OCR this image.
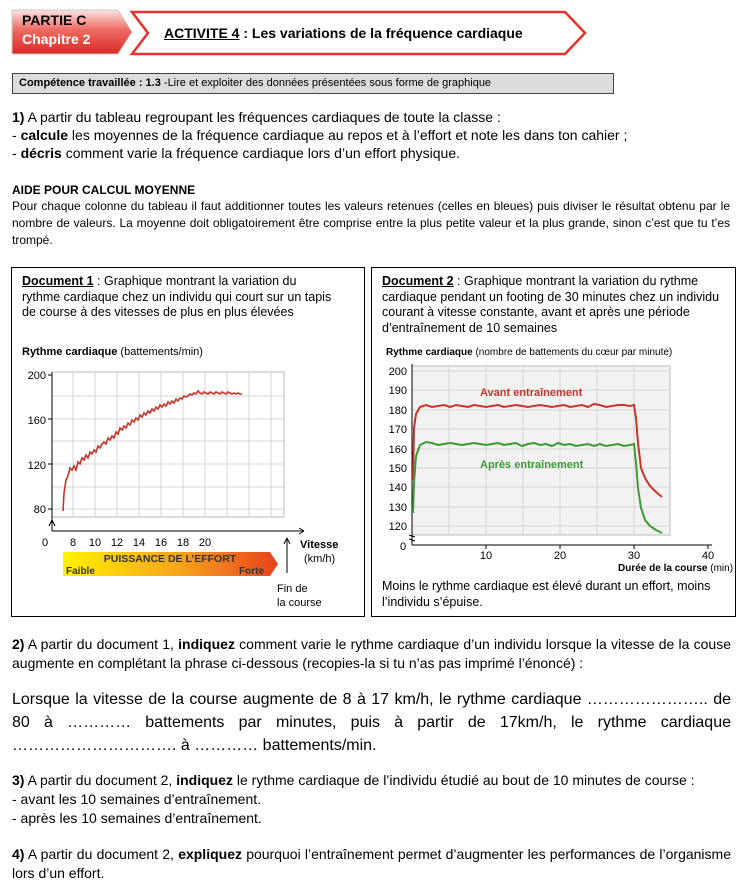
PARTIE C
Chapitre 2	ACTIVITE 4 : Les variations de la fréquence cardiaque
Compétence travaillée : 1.3 -Lire et exploiter des données présentées sous forme de graphique
1) A partir du tableau regroupant les fréquences cardiaques de toute la classe :
- calcule les moyennes de la fréquence cardiaque au repos et à l’effort et note les dans ton cahier ;
- décris comment varie la fréquence cardiaque lors d’un effort physique.
AIDE POUR CALCUL MOYENNE
Pour chaque colonne du tableau il faut additionner toutes les valeurs retenues (celles en bleues) puis diviser le résultat obtenu par le nombre de valeurs. La moyenne doit obligatoirement être comprise entre la plus petite valeur et la plus grande, sinon c’est que tu t’es trompé.
Document 1 : Graphique montrant la variation du rythme cardiaque chez un individu qui court sur un tapis de course à des vitesses de plus en plus élevées
Rythme cardiaque (battements/min)
200
160
120
80
0 8 10 12 14 16 18 20	Vitesse
(km/h)
PUISSANCE DE L’EFFORT
Faible	Forte
Fin de
la course
Document 2 : Graphique montrant la variation du rythme cardiaque pendant un footing de 30 minutes chez un individu courant à vitesse constante, avant et après une période d’entraînement de 10 semaines
Rythme cardiaque (nombre de battements du cœur par minute)
200
190
180
170
160
150
140
130
120
0
10	20	30	40
Durée de la course (min)
Avant entraînement
Après entraînement
Moins le rythme cardiaque est élevé durant un effort, moins l’individu s’épuise.
2) A partir du document 1, indiquez comment varie le rythme cardiaque d’un individu lorsque la vitesse de la couse augmente en complétant la phrase ci-dessous (recopies-la si tu n’as pas imprimé l’énoncé) :
Lorsque la vitesse de la course augmente de 8 à 17 km/h, le rythme cardiaque ………………….. de 80 à ………… battements par minutes, puis à partir de 17km/h, le rythme cardiaque …………………………. à ………… battements/min.
3) A partir du document 2, indiquez le rythme cardiaque de l’individu étudié au bout de 10 minutes de course :
- avant les 10 semaines d’entraînement.
- après les 10 semaines d’entraînement.
4) A partir du document 2, expliquez pourquoi l’entraînement permet d’augmenter les performances de l’organisme lors d’un effort.
